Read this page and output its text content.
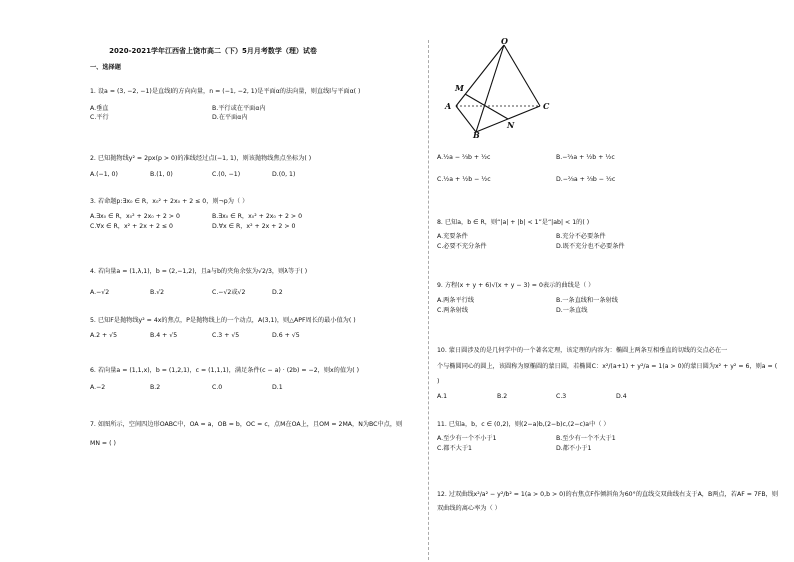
2020-2021学年江西省上饶市高二（下）5月月考数学（理）试卷
一、选择题
1. 设a = (3, −2, −1)是直线l的方向向量，n = (−1, −2, 1)是平面α的法向量，则直线l与平面α( )
A.垂直	B.平行或在平面α内
C.平行	D.在平面α内
2. 已知抛物线y² = 2px(p > 0)的准线经过点(−1, 1)，则该抛物线焦点坐标为( )
A.(−1, 0)	B.(1, 0)	C.(0, −1)	D.(0, 1)
3. 若命题p:∃x₀ ∈ R，x₀² + 2x₀ + 2 ≤ 0，则¬p为（ ）
A.∃x₀ ∈ R，x₀² + 2x₀ + 2 > 0	B.∃x₀ ∈ R，x₀² + 2x₀ + 2 > 0
C.∀x ∈ R，x² + 2x + 2 ≤ 0	D.∀x ∈ R，x² + 2x + 2 > 0
4. 若向量a = (1,λ,1)，b = (2,−1,2)，且a与b的夹角余弦为√2/3，则λ等于( )
A.−√2	B.√2	C.−√2或√2	D.2
5. 已知F是抛物线y² = 4x的焦点，P是抛物线上的一个动点，A(3,1)，则△APF周长的最小值为( )
A.2 + √5	B.4 + √5	C.3 + √5	D.6 + √5
6. 若向量a = (1,1,x)，b = (1,2,1)，c = (1,1,1)，满足条件(c − a) · (2b) = −2，则x的值为( )
A.−2	B.2	C.0	D.1
7. 如图所示，空间四边形OABC中，OA = a，OB = b，OC = c，点M在OA上，且OM = 2MA，N为BC中点，则
MN = ( )
O
M
A
B
N
C
A.½a − ⅔b + ½c	B.−⅔a + ½b + ½c
C.½a + ½b − ½c	D.−⅔a + ⅔b − ½c
8. 已知a，b ∈ R，则“|a| + |b| < 1”是“|ab| < 1的( )
A.充要条件	B.充分不必要条件
C.必要不充分条件	D.既不充分也不必要条件
9. 方程(x + y + 6)√(x + y − 3) = 0表示的曲线是（ ）
A.两条平行线	B.一条直线和一条射线
C.两条射线	D.一条直线
10. 蒙日圆涉及的是几何学中的一个著名定理，该定理的内容为：椭圆上两条互相垂直的切线的交点必在一
个与椭圆同心的圆上，该圆称为原椭圆的蒙日圆，若椭圆C：x²/(a+1) + y²/a = 1(a > 0)的蒙日圆为x² + y² = 6，则a = (
)
A.1	B.2	C.3	D.4
11. 已知a，b，c ∈ (0,2)，则(2−a)b,(2−b)c,(2−c)a中（ ）
A.至少有一个不小于1	B.至少有一个不大于1
C.都不大于1	D.都不小于1
12. 过双曲线x²/a² − y²/b² = 1(a > 0,b > 0)的右焦点F作倾斜角为60°的直线交双曲线右支于A，B两点，若AF = 7FB，则
双曲线的离心率为（ ）
